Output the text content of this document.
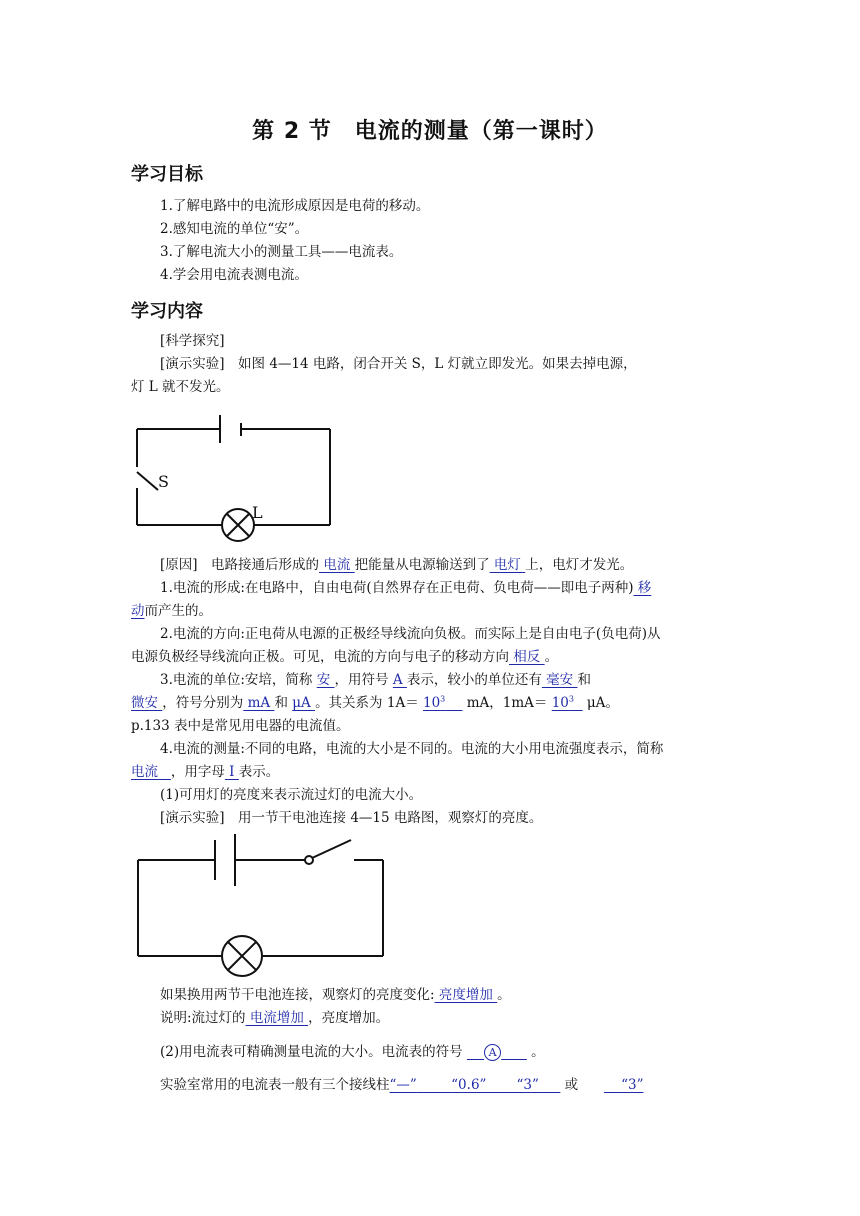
第 2 节　电流的测量（第一课时）
学习目标
1.了解电路中的电流形成原因是电荷的移动。
2.感知电流的单位“安”。
3.了解电流大小的测量工具——电流表。
4.学会用电流表测电流。
学习内容
[科学探究]
[演示实验]　如图 4—14 电路，闭合开关 S，L 灯就立即发光。如果去掉电源，
灯 L 就不发光。
S
L
[原因]　电路接通后形成的 电流 把能量从电源输送到了 电灯 上，电灯才发光。
1.电流的形成:在电路中，自由电荷(自然界存在正电荷、负电荷——即电子两种) 移
动而产生的。
2.电流的方向:正电荷从电源的正极经导线流向负极。而实际上是自由电子(负电荷)从
电源负极经导线流向正极。可见，电流的方向与电子的移动方向 相反 。
3.电流的单位:安培，简称 安 ，用符号 A 表示，较小的单位还有 毫安 和
微安 ，符号分别为 mA 和 μA 。其关系为 $1A= 10^3$     mA，$1mA= 10^3$   μA。
p.133 表中是常见用电器的电流值。
4.电流的测量:不同的电路，电流的大小是不同的。电流的大小用电流强度表示，简称
电流 ，用字母 I 表示。
(1)可用灯的亮度来表示流过灯的电流大小。
[演示实验]　用一节干电池连接 4—15 电路图，观察灯的亮度。
如果换用两节干电池连接，观察灯的亮度变化: 亮度增加 。
说明:流过灯的 电流增加 ，亮度增加。
(2)用电流表可精确测量电流的大小。电流表的符号     A       。
实验室常用的电流表一般有三个接线柱“—”	“0.6” “3” 或	“3”
